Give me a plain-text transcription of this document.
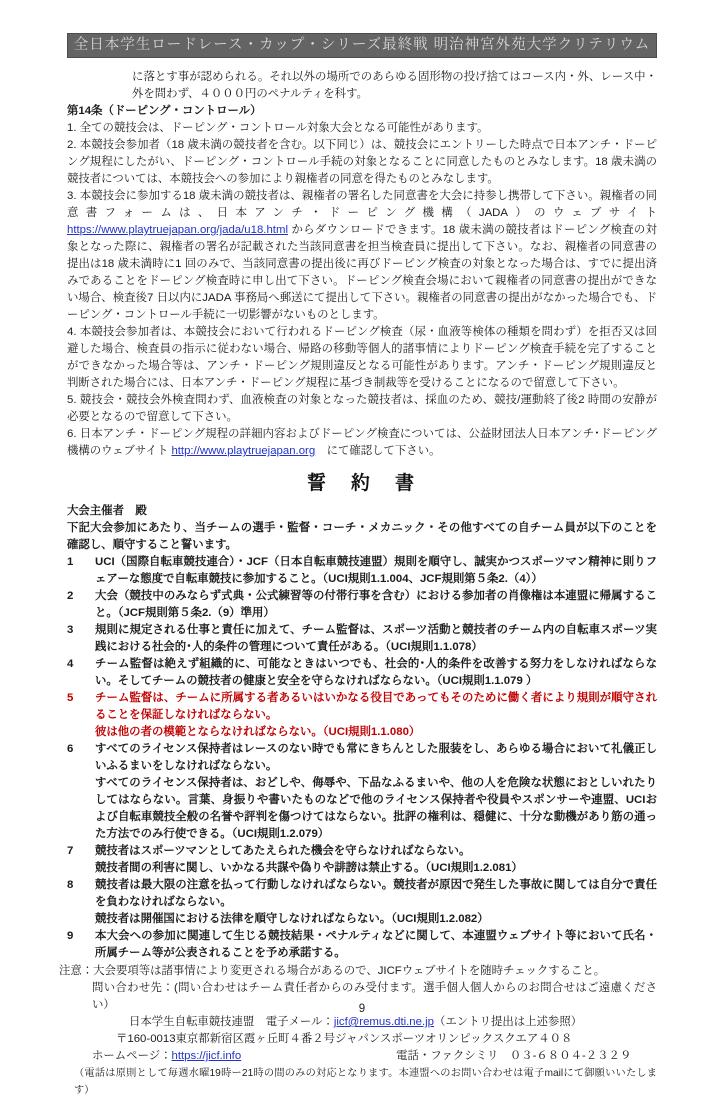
全日本学生ロードレース・カップ・シリーズ最終戦 明治神宮外苑大学クリテリウム
に落とす事が認められる。それ以外の場所でのあらゆる固形物の投げ捨てはコース内・外、レース中・外を問わず、４０００円のペナルティを科す。
第14条（ドーピング・コントロール）
1. 全ての競技会は、ドーピング・コントロール対象大会となる可能性があります。
2. 本競技会参加者（18 歳未満の競技者を含む。以下同じ）は、競技会にエントリーした時点で日本アンチ・ドーピング規程にしたがい、ドーピング・コントロール手続の対象となることに同意したものとみなします。18 歳未満の競技者については、本競技会への参加により親権者の同意を得たものとみなします。
3. 本競技会に参加する18 歳未満の競技者は、親権者の署名した同意書を大会に持参し携帯して下さい。親権者の同意書フォームは、日本アンチ・ドーピング機構（JADA）のウェブサイト https://www.playtruejapan.org/jada/u18.html からダウンロードできます。18 歳未満の競技者はドーピング検査の対象となった際に、親権者の署名が記載された当該同意書を担当検査員に提出して下さい。なお、親権者の同意書の提出は18 歳未満時に1 回のみで、当該同意書の提出後に再びドーピング検査の対象となった場合は、すでに提出済みであることをドーピング検査時に申し出て下さい。ドーピング検査会場において親権者の同意書の提出ができない場合、検査後7 日以内にJADA 事務局へ郵送にて提出して下さい。親権者の同意書の提出がなかった場合でも、ドーピング・コントロール手続に一切影響がないものとします。
4. 本競技会参加者は、本競技会において行われるドーピング検査（尿・血液等検体の種類を問わず）を拒否又は回避した場合、検査員の指示に従わない場合、帰路の移動等個人的諸事情によりドーピング検査手続を完了することができなかった場合等は、アンチ・ドーピング規則違反となる可能性があります。アンチ・ドーピング規則違反と判断された場合には、日本アンチ・ドーピング規程に基づき制裁等を受けることになるので留意して下さい。
5. 競技会・競技会外検査問わず、血液検査の対象となった競技者は、採血のため、競技/運動終了後2 時間の安静が必要となるので留意して下さい。
6. 日本アンチ・ドーピング規程の詳細内容およびドーピング検査については、公益財団法人日本アンチ･ドーピング機構のウェブサイト http://www.playtruejapan.org　にて確認して下さい。
誓　約　書
大会主催者　殿
下記大会参加にあたり、当チームの選手・監督・コーチ・メカニック・その他すべての自チーム員が以下のことを確認し、順守すること誓います。
1	UCI（国際自転車競技連合）・JCF（日本自転車競技連盟）規則を順守し、誠実かつスポーツマン精神に則りフェアーな態度で自転車競技に参加すること。（UCI規則1.1.004、JCF規則第５条2.（4））
2	大会（競技中のみならず式典・公式練習等の付帯行事を含む）における参加者の肖像権は本連盟に帰属すること。（JCF規則第５条2.（9）準用）
3	規則に規定される仕事と責任に加えて、チーム監督は、スポーツ活動と競技者のチーム内の自転車スポーツ実践における社会的･人的条件の管理について責任がある。（UCI規則1.1.078）
4	チーム監督は絶えず組織的に、可能なときはいつでも、社会的･人的条件を改善する努力をしなければならない。そしてチームの競技者の健康と安全を守らなければならない。（UCI規則1.1.079 ）
5	チーム監督は、チームに所属する者あるいはいかなる役目であってもそのために働く者により規則が順守されることを保証しなければならない。
彼は他の者の模範とならなければならない。（UCI規則1.1.080）
6	すべてのライセンス保持者はレースのない時でも常にきちんとした服装をし、あらゆる場合において礼儀正しいふるまいをしなければならない。
すべてのライセンス保持者は、おどしや、侮辱や、下品なふるまいや、他の人を危険な状態におとしいれたりしてはならない。言葉、身振りや書いたものなどで他のライセンス保持者や役員やスポンサーや連盟、UCIおよび自転車競技全般の名誉や評判を傷つけてはならない。批評の権利は、穏健に、十分な動機があり筋の通った方法でのみ行使できる。（UCI規則1.2.079）
7	競技者はスポーツマンとしてあたえられた機会を守らなければならない。
競技者間の利害に関し、いかなる共謀や偽りや誹謗は禁止する。（UCI規則1.2.081）
8	競技者は最大限の注意を払って行動しなければならない。競技者が原因で発生した事故に関しては自分で責任を負わなければならない。
競技者は開催国における法律を順守しなければならない。（UCI規則1.2.082）
9	本大会への参加に関連して生じる競技結果・ペナルティなどに関して、本連盟ウェブサイト等において氏名・所属チーム等が公表されることを予め承諾する。
注意：大会要項等は諸事情により変更される場合があるので、JICFウェブサイトを随時チェックすること。
問い合わせ先：(問い合わせはチーム責任者からのみ受付ます。選手個人個人からのお問合せはご遠慮ください）
日本学生自転車競技連盟　電子メール：jicf@remus.dti.ne.jp（エントリ提出は上述参照）
〒160-0013東京都新宿区霞ヶ丘町４番２号ジャパンスポーツオリンピックスクエア４０８
ホームページ：https://jicf.info	電話・ファクシミリ　０３-６８０４-２３２９
（電話は原則として毎週水曜19時ー21時の間のみの対応となります。本連盟へのお問い合わせは電子mailにて御願いいたします）
9
